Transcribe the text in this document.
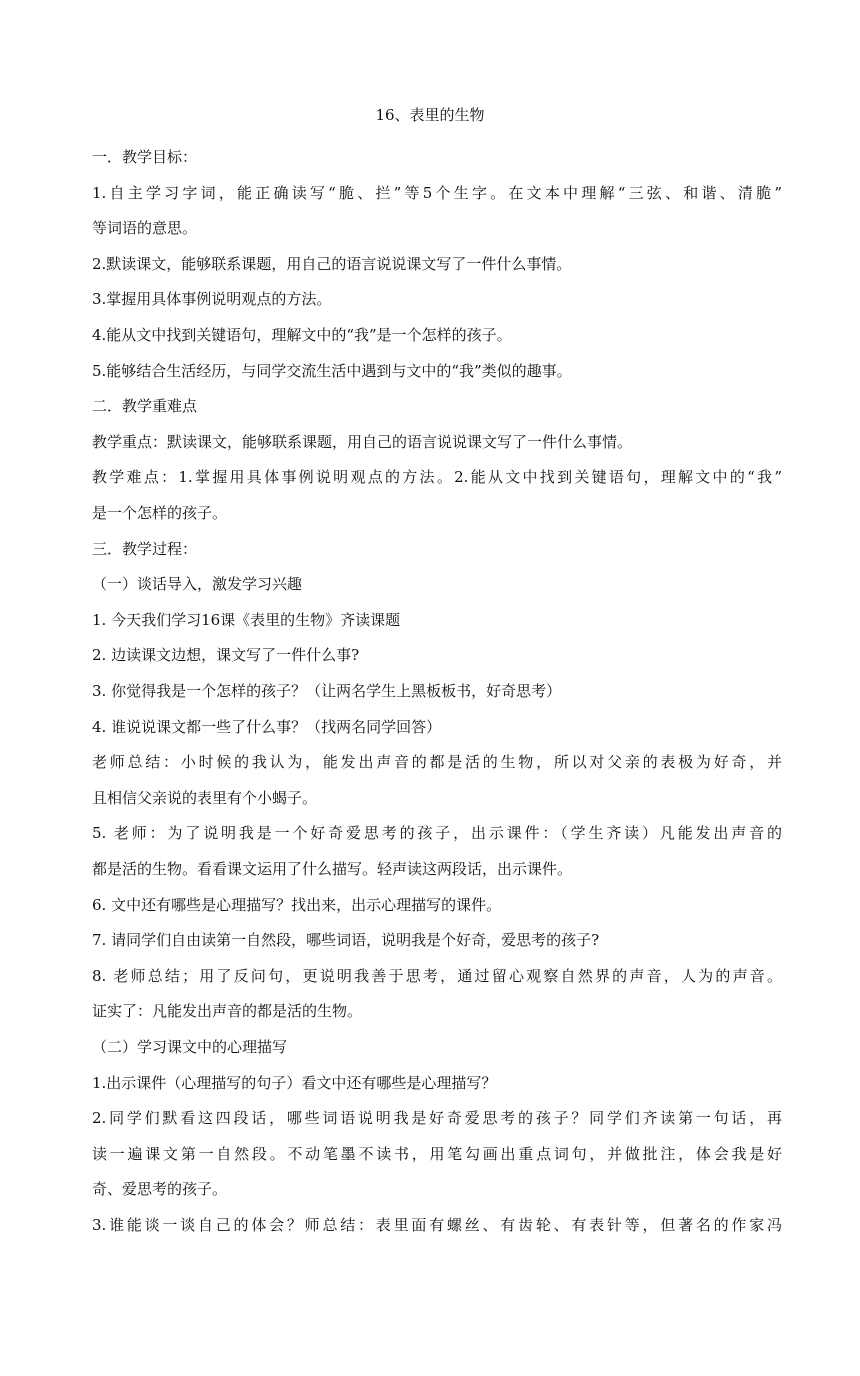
16、表里的生物
一．教学目标：
1.自主学习字词，能正确读写“脆、拦”等5个生字。在文本中理解“三弦、和谐、清脆”
等词语的意思。
2.默读课文，能够联系课题，用自己的语言说说课文写了一件什么事情。
3.掌握用具体事例说明观点的方法。
4.能从文中找到关键语句，理解文中的“我”是一个怎样的孩子。
5.能够结合生活经历，与同学交流生活中遇到与文中的“我”类似的趣事。
二．教学重难点
教学重点：默读课文，能够联系课题，用自己的语言说说课文写了一件什么事情。
教学难点：1.掌握用具体事例说明观点的方法。2.能从文中找到关键语句，理解文中的“我”
是一个怎样的孩子。
三．教学过程：
（一）谈话导入，激发学习兴趣
1. 今天我们学习16课《表里的生物》齐读课题
2. 边读课文边想，课文写了一件什么事?
3. 你觉得我是一个怎样的孩子？（让两名学生上黑板板书，好奇思考）
4. 谁说说课文都一些了什么事？（找两名同学回答）
老师总结：小时候的我认为，能发出声音的都是活的生物，所以对父亲的表极为好奇，并
且相信父亲说的表里有个小蝎子。
5. 老师：为了说明我是一个好奇爱思考的孩子，出示课件：（学生齐读）凡能发出声音的
都是活的生物。看看课文运用了什么描写。轻声读这两段话，出示课件。
6. 文中还有哪些是心理描写？找出来，出示心理描写的课件。
7. 请同学们自由读第一自然段，哪些词语，说明我是个好奇，爱思考的孩子?
8. 老师总结；用了反问句，更说明我善于思考，通过留心观察自然界的声音，人为的声音。
证实了：凡能发出声音的都是活的生物。
（二）学习课文中的心理描写
1.出示课件（心理描写的句子）看文中还有哪些是心理描写？
2.同学们默看这四段话，哪些词语说明我是好奇爱思考的孩子？同学们齐读第一句话，再
读一遍课文第一自然段。不动笔墨不读书，用笔勾画出重点词句，并做批注，体会我是好
奇、爱思考的孩子。
3.谁能谈一谈自己的体会？师总结：表里面有螺丝、有齿轮、有表针等，但著名的作家冯
